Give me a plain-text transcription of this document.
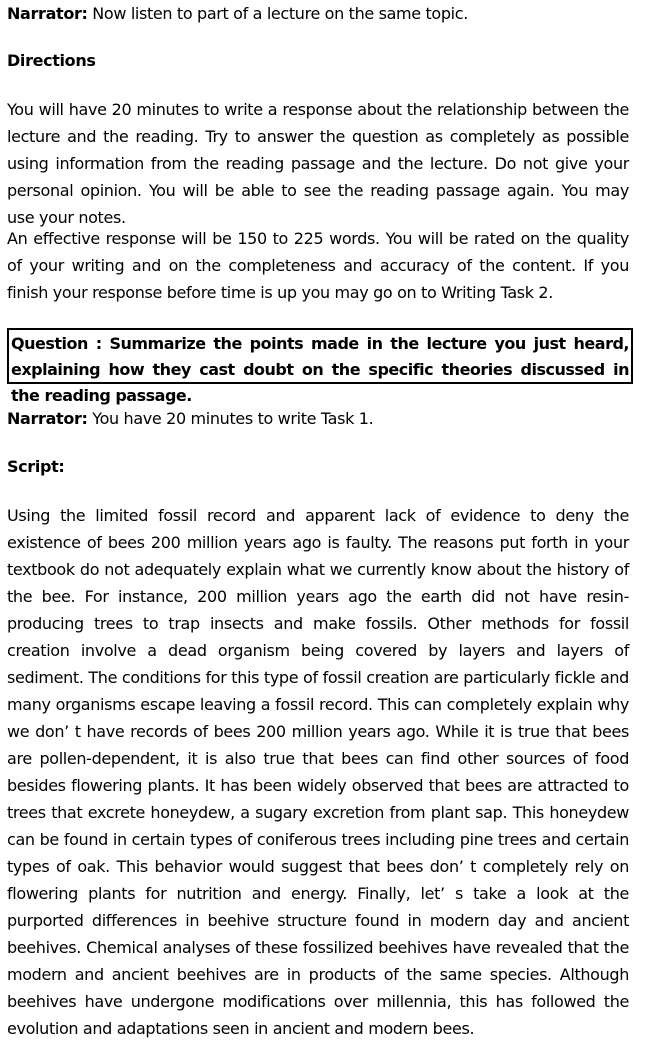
Narrator: Now listen to part of a lecture on the same topic.

Directions

You will have 20 minutes to write a response about the relationship between the lecture and the reading. Try to answer the question as completely as possible using information from the reading passage and the lecture. Do not give your personal opinion. You will be able to see the reading passage again. You may use your notes.

An effective response will be 150 to 225 words. You will be rated on the quality of your writing and on the completeness and accuracy of the content. If you finish your response before time is up you may go on to Writing Task 2.

Question : Summarize the points made in the lecture you just heard, explaining how they cast doubt on the specific theories discussed in the reading passage.

Narrator: You have 20 minutes to write Task 1.

Script:

Using the limited fossil record and apparent lack of evidence to deny the existence of bees 200 million years ago is faulty. The reasons put forth in your textbook do not adequately explain what we currently know about the history of the bee. For instance, 200 million years ago the earth did not have resin-producing trees to trap insects and make fossils. Other methods for fossil creation involve a dead organism being covered by layers and layers of sediment. The conditions for this type of fossil creation are particularly fickle and many organisms escape leaving a fossil record. This can completely explain why we don’ t have records of bees 200 million years ago. While it is true that bees are pollen-dependent, it is also true that bees can find other sources of food besides flowering plants. It has been widely observed that bees are attracted to trees that excrete honeydew, a sugary excretion from plant sap. This honeydew can be found in certain types of coniferous trees including pine trees and certain types of oak. This behavior would suggest that bees don’ t completely rely on flowering plants for nutrition and energy. Finally, let’ s take a look at the purported differences in beehive structure found in modern day and ancient beehives. Chemical analyses of these fossilized beehives have revealed that the modern and ancient beehives are in products of the same species. Although beehives have undergone modifications over millennia, this has followed the evolution and adaptations seen in ancient and modern bees.
